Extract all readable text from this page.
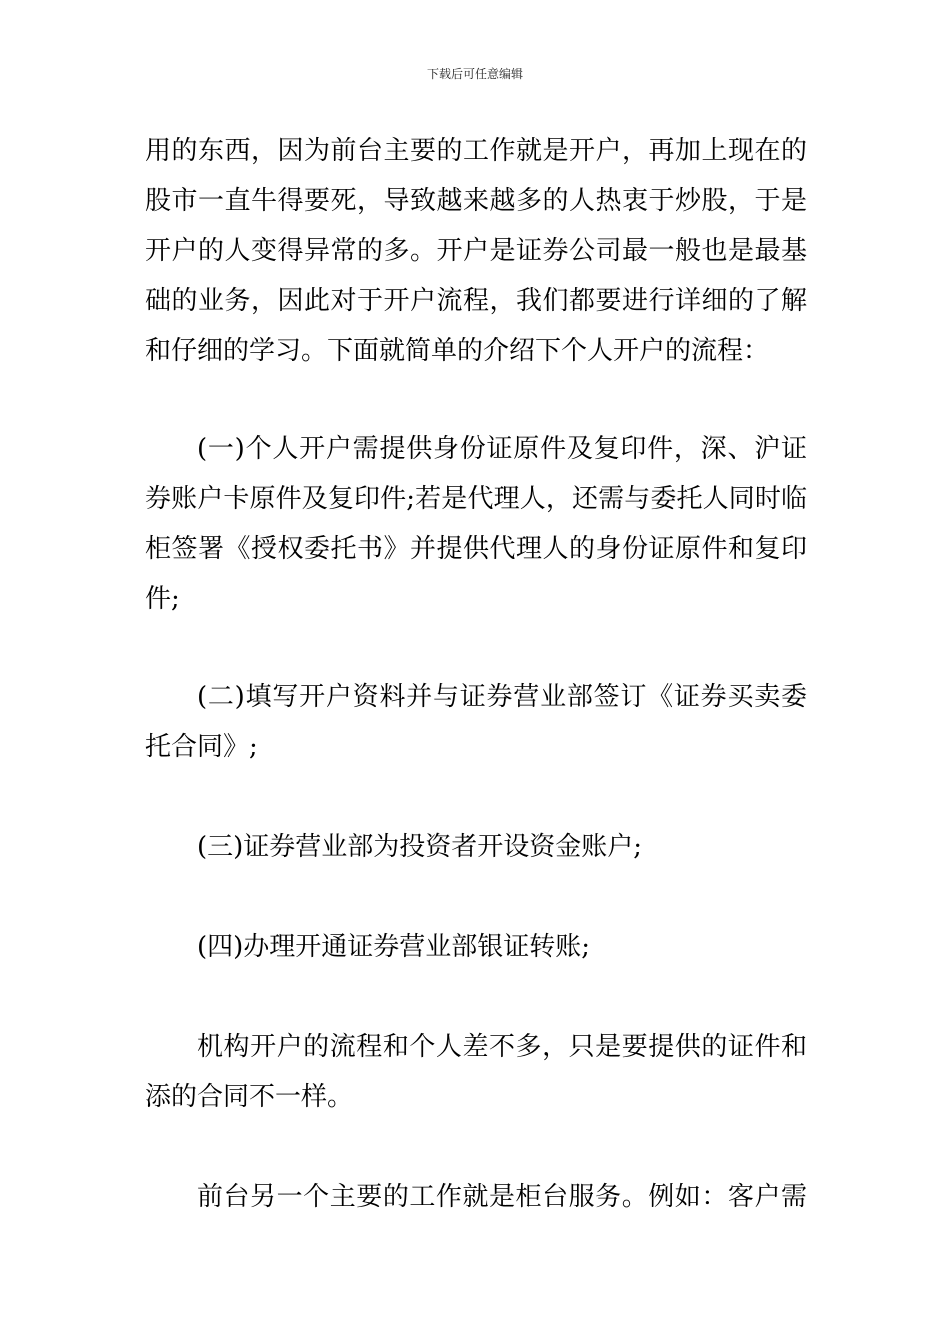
下载后可任意编辑
用的东西，因为前台主要的工作就是开户，再加上现在的
股市一直牛得要死，导致越来越多的人热衷于炒股，于是
开户的人变得异常的多。开户是证券公司最一般也是最基
础的业务，因此对于开户流程，我们都要进行详细的了解
和仔细的学习。下面就简单的介绍下个人开户的流程：
(一)个人开户需提供身份证原件及复印件，深、沪证
券账户卡原件及复印件;若是代理人，还需与委托人同时临
柜签署《授权委托书》并提供代理人的身份证原件和复印
件;
(二)填写开户资料并与证券营业部签订《证券买卖委
托合同》;
(三)证券营业部为投资者开设资金账户;
(四)办理开通证券营业部银证转账;
机构开户的流程和个人差不多，只是要提供的证件和
添的合同不一样。
前台另一个主要的工作就是柜台服务。例如：客户需
